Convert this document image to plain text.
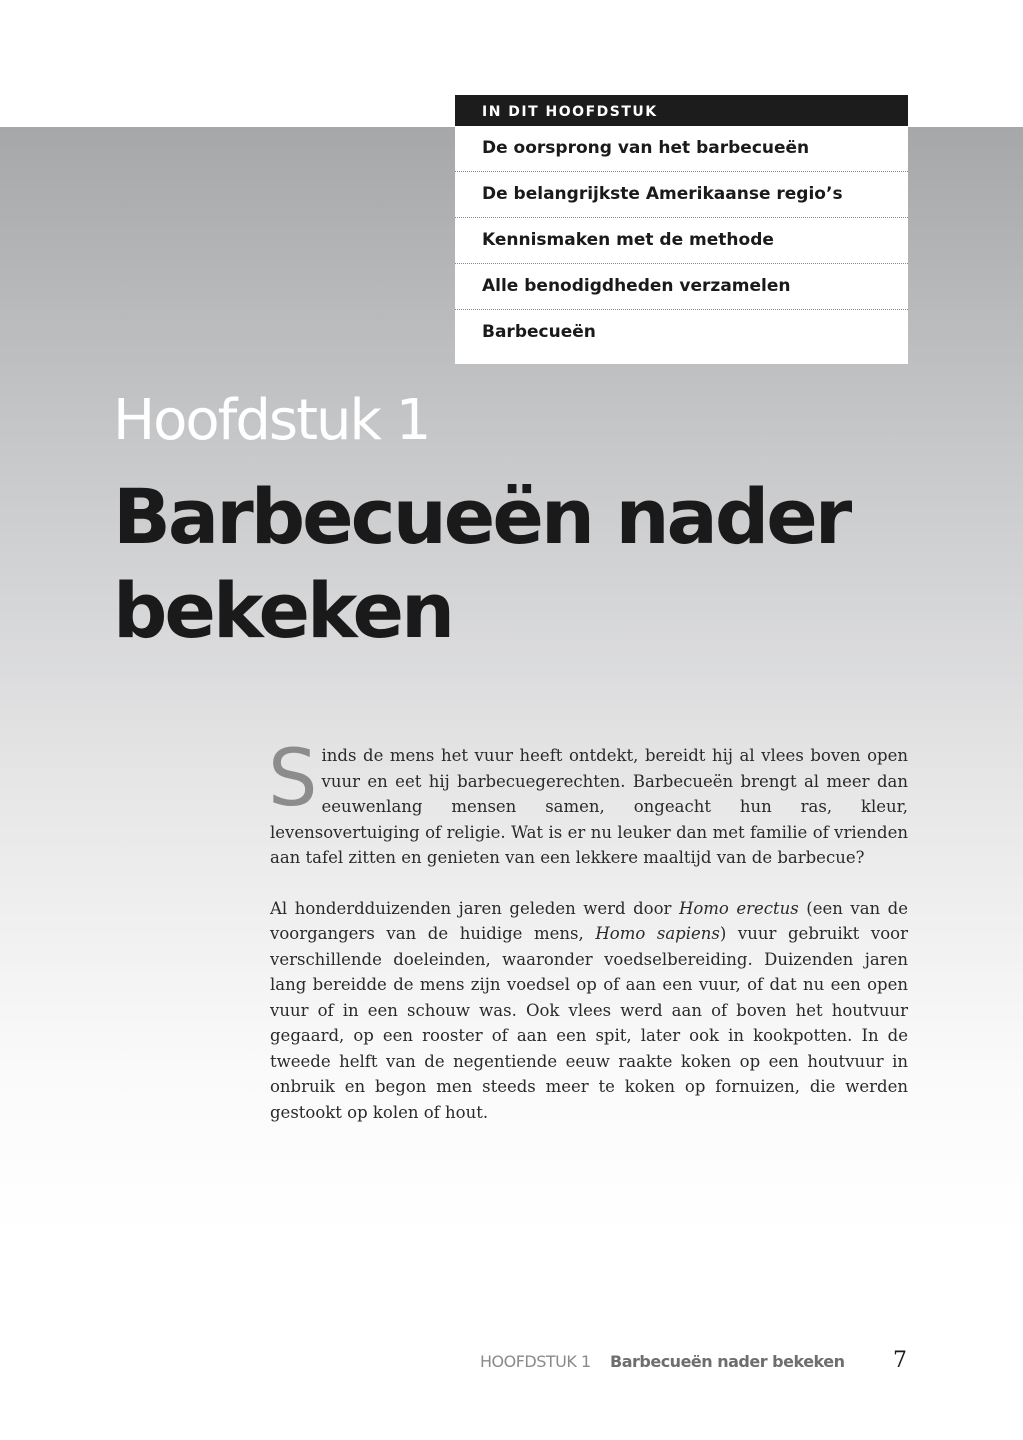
IN DIT HOOFDSTUK
De oorsprong van het barbecueën
De belangrijkste Amerikaanse regio’s
Kennismaken met de methode
Alle benodigdheden verzamelen
Barbecueën
Hoofdstuk 1
Barbecueën nader bekeken

Sinds de mens het vuur heeft ontdekt, bereidt hij al vlees boven open vuur en eet hij barbecuegerechten. Barbecueën brengt al meer dan eeuwenlang mensen samen, ongeacht hun ras, kleur, levensovertuiging of religie. Wat is er nu leuker dan met familie of vrienden aan tafel zitten en genieten van een lekkere maaltijd van de barbecue?

Al honderdduizenden jaren geleden werd door Homo erectus (een van de voorgangers van de huidige mens, Homo sapiens) vuur gebruikt voor verschillende doeleinden, waaronder voedselbereiding. Duizenden jaren lang bereidde de mens zijn voedsel op of aan een vuur, of dat nu een open vuur of in een schouw was. Ook vlees werd aan of boven het houtvuur gegaard, op een rooster of aan een spit, later ook in kookpotten. In de tweede helft van de negentiende eeuw raakte koken op een houtvuur in onbruik en begon men steeds meer te koken op fornuizen, die werden gestookt op kolen of hout.

HOOFDSTUK 1 Barbecueën nader bekeken 7
